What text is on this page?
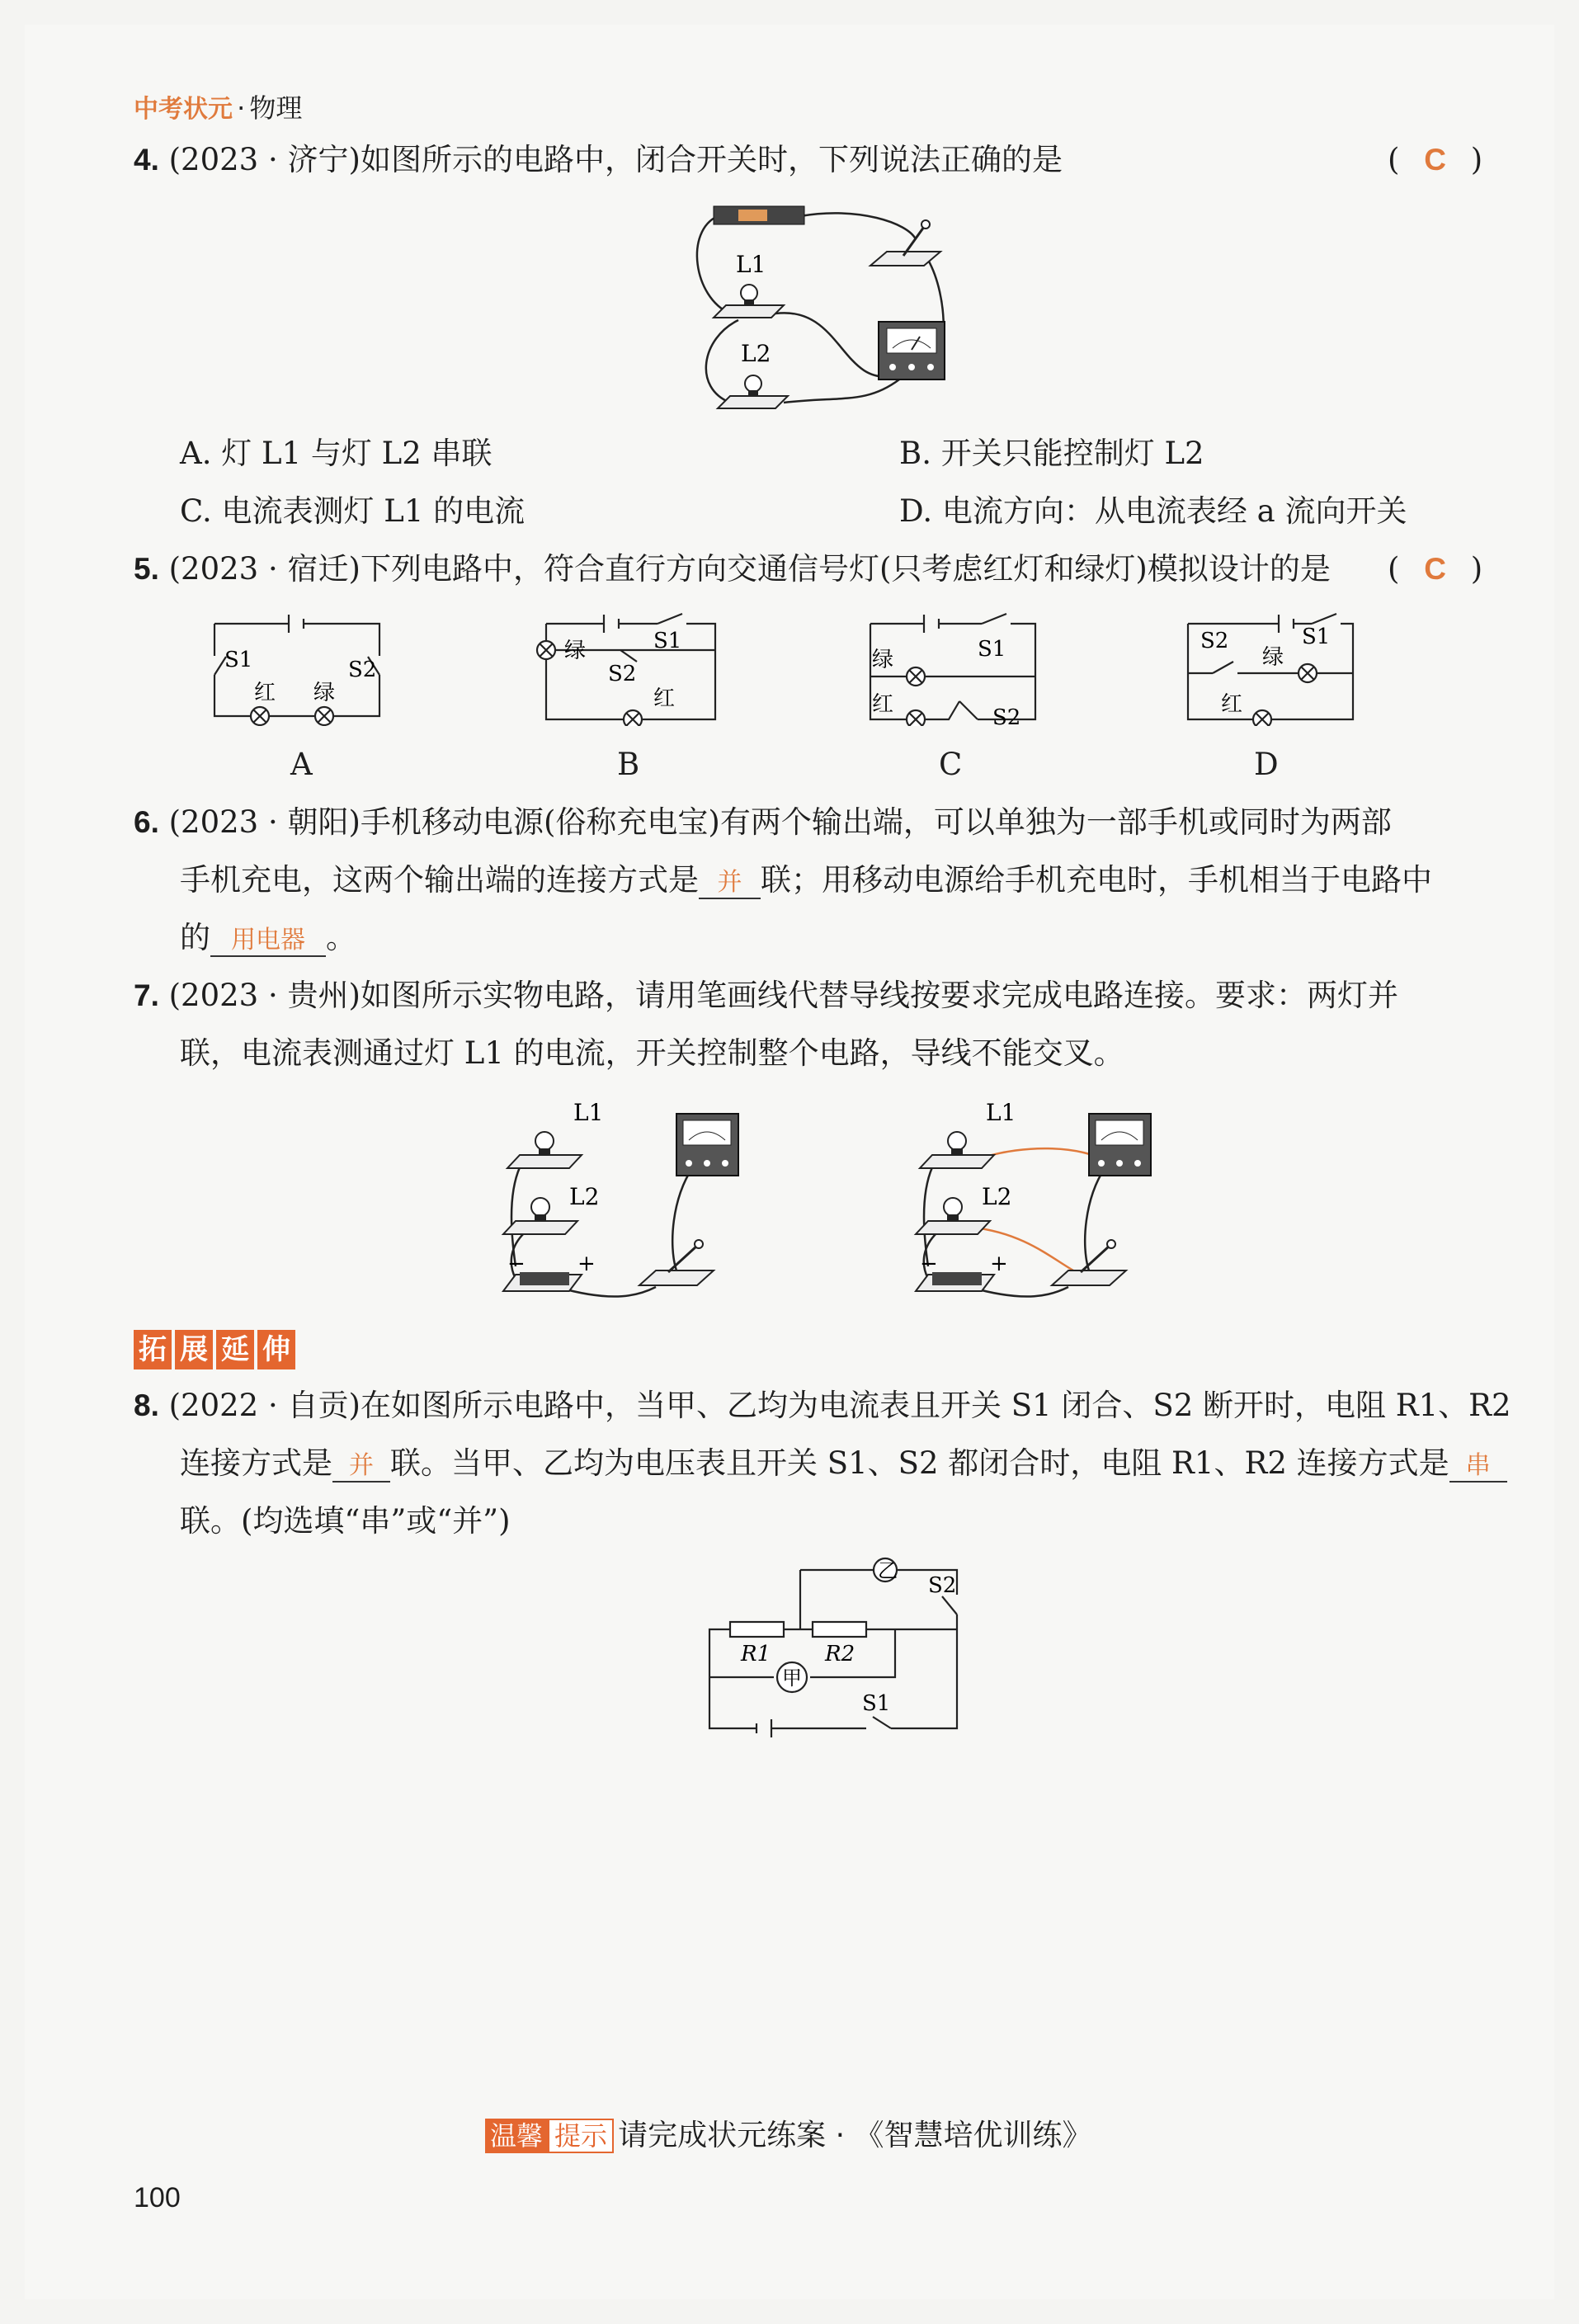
中考状元 · 物理
4. (2023 · 济宁)如图所示的电路中，闭合开关时，下列说法正确的是	( C )
L1
L2
A. 灯 L1 与灯 L2 串联	B. 开关只能控制灯 L2
C. 电流表测灯 L1 的电流	D. 电流方向：从电流表经 a 流向开关
5. (2023 · 宿迁)下列电路中，符合直行方向交通信号灯(只考虑红灯和绿灯)模拟设计的是 ( C )
S1	S2
红 绿
A
绿
S2
S1
红
B
绿	S1
红
S2
C
S2
绿
S1
红
D
6. (2023 · 朝阳)手机移动电源(俗称充电宝)有两个输出端，可以单独为一部手机或同时为两部
手机充电，这两个输出端的连接方式是 并 联；用移动电源给手机充电时，手机相当于电路中
的 用电器 。
7. (2023 · 贵州)如图所示实物电路，请用笔画线代替导线按要求完成电路连接。要求：两灯并
联，电流表测通过灯 L1 的电流，开关控制整个电路，导线不能交叉。
L1
L2
− +
L1
L2
− +
拓 展 延 伸
8. (2022 · 自贡)在如图所示电路中，当甲、乙均为电流表且开关 S1 闭合、S2 断开时，电阻 R1、R2
连接方式是 并 联。当甲、乙均为电压表且开关 S1、S2 都闭合时，电阻 R1、R2 连接方式是 串
联。(均选填“串”或“并”)
乙
甲
R1	R2
S2
S1
温馨 提示 请完成状元练案 · 《智慧培优训练》
100
